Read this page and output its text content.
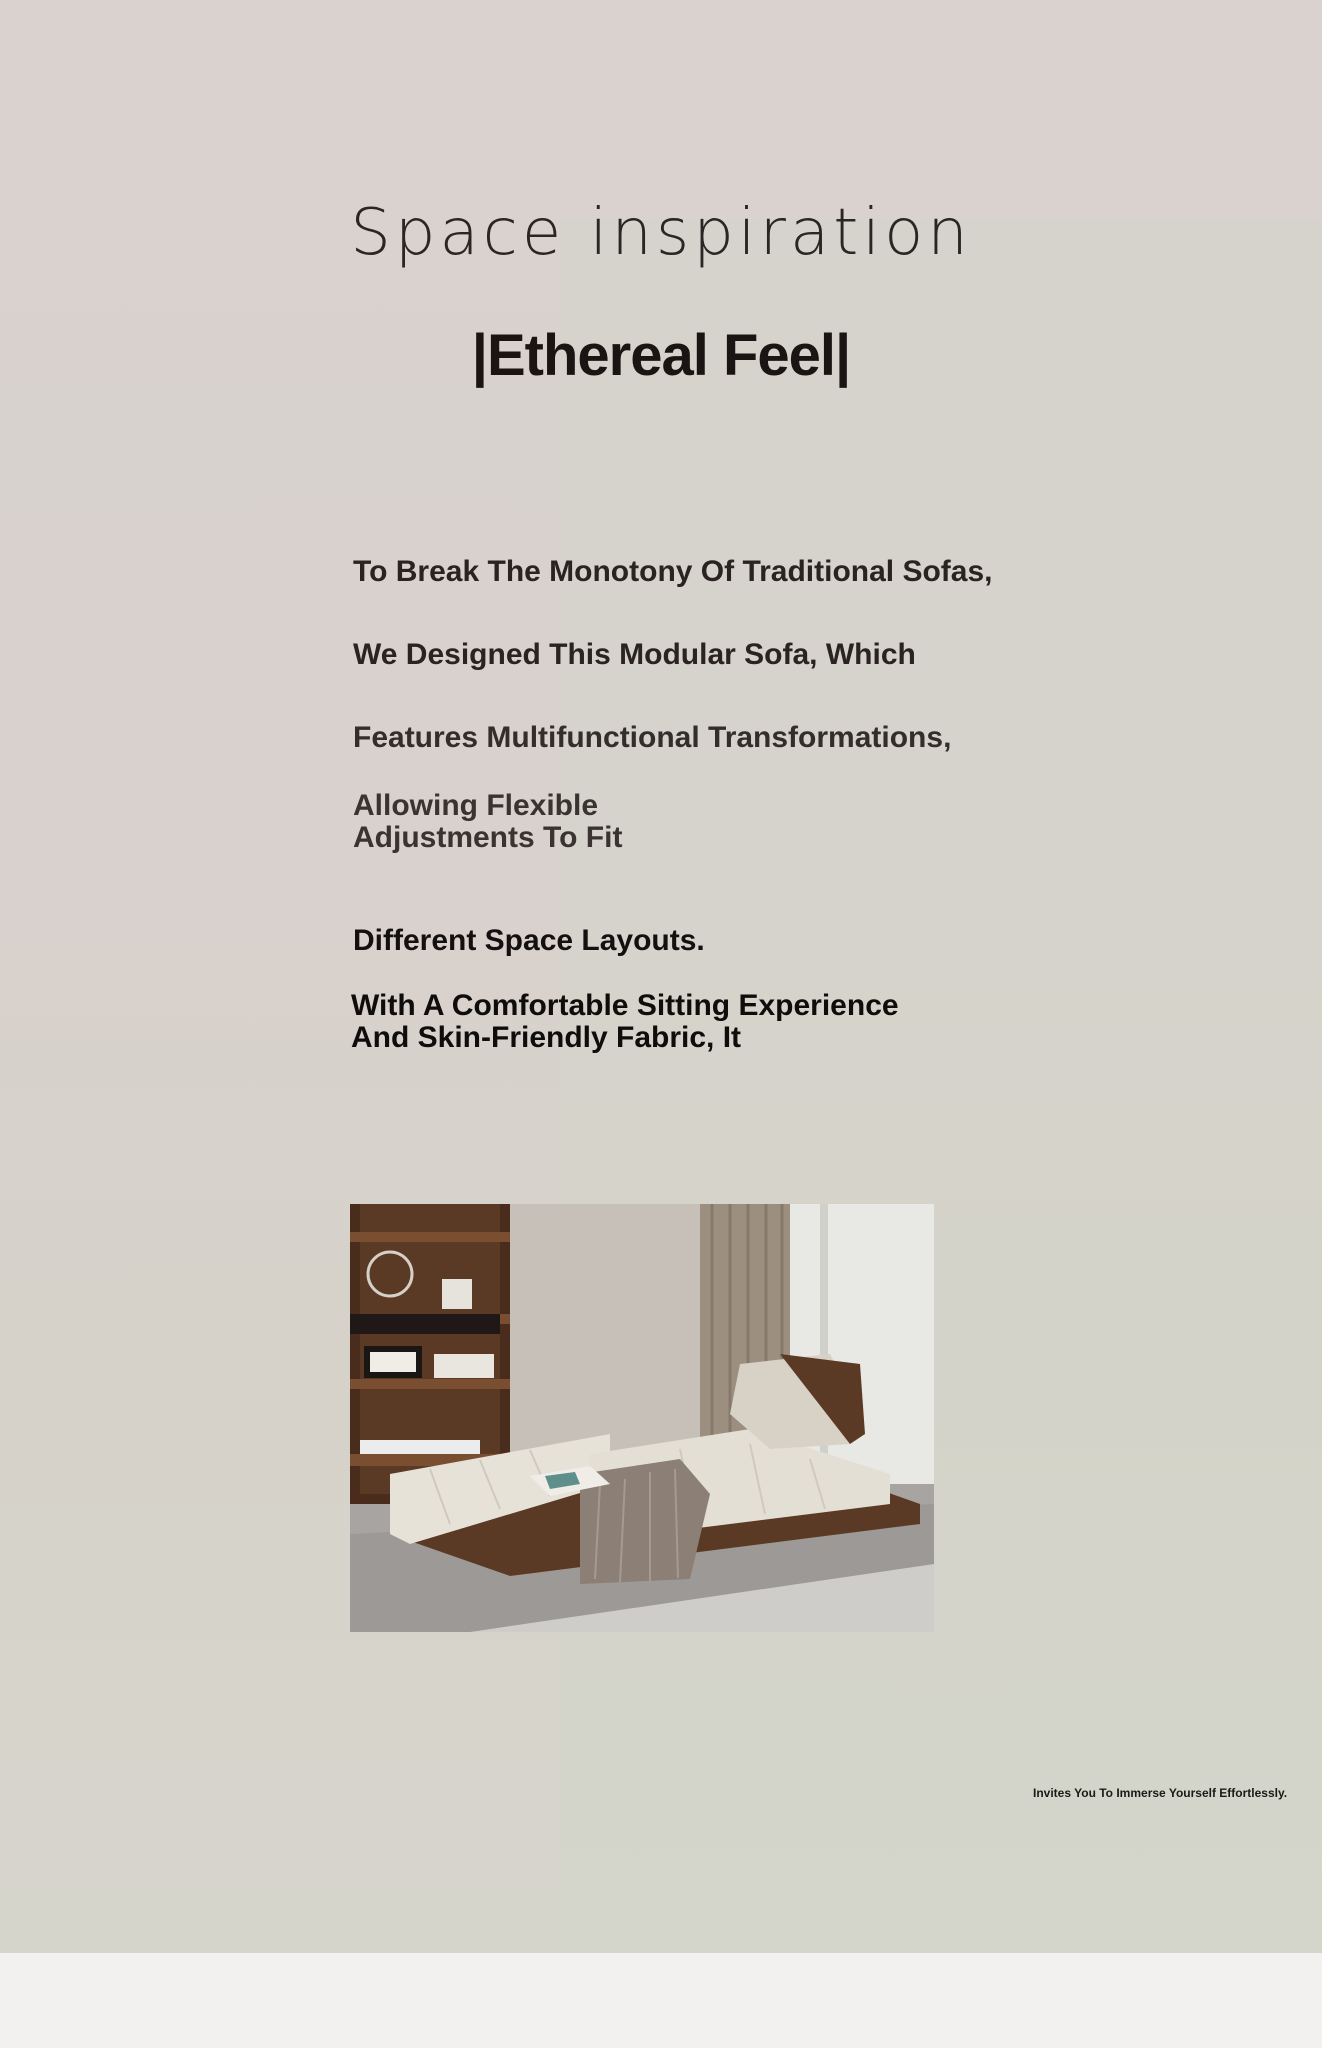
Space inspiration
|Ethereal Feel|

To Break The Monotony Of Traditional Sofas,

We Designed This Modular Sofa, Which

Features Multifunctional Transformations,

Allowing Flexible
Adjustments To Fit

Different Space Layouts.

With A Comfortable Sitting Experience
And Skin-Friendly Fabric, It

Invites You To Immerse Yourself Effortlessly.
